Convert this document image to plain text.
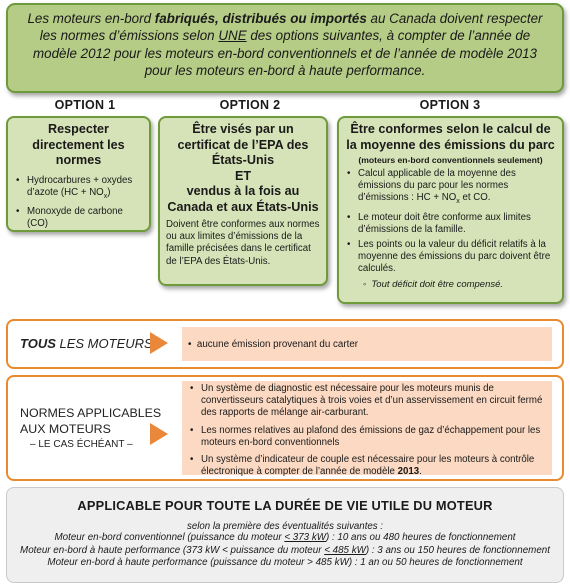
Les moteurs en-bord fabriqués, distribués ou importés au Canada doivent respecter les normes d’émissions selon UNE des options suivantes, à compter de l’année de modèle 2012 pour les moteurs en-bord conventionnels et de l’année de modèle 2013 pour les moteurs en-bord à haute performance.
OPTION 1	OPTION 2	OPTION 3
Respecter directement les normes
• Hydrocarbures + oxydes d’azote $(HC + NO_x)$
• Monoxyde de carbone (CO)
Être visés par un certificat de l’EPA des États-Unis
ET
vendus à la fois au Canada et aux États-Unis
Doivent être conformes aux normes ou aux limites d’émissions de la famille précisées dans le certificat de l’EPA des États-Unis.
Être conformes selon le calcul de la moyenne des émissions du parc
(moteurs en-bord conventionnels seulement)
• Calcul applicable de la moyenne des émissions du parc pour les normes d’émissions : HC + $NO_x$ et CO.
• Le moteur doit être conforme aux limites d’émissions de la famille.
• Les points ou la valeur du déficit relatifs à la moyenne des émissions du parc doivent être calculés.
◦ Tout déficit doit être compensé.
TOUS LES MOTEURS	•  aucune émission provenant du carter
NORMES APPLICABLES
AUX MOTEURS
– LE CAS ÉCHÉANT –
• Un système de diagnostic est nécessaire pour les moteurs munis de convertisseurs catalytiques à trois voies et d’un asservissement en circuit fermé des rapports de mélange air-carburant.
• Les normes relatives au plafond des émissions de gaz d’échappement pour les moteurs en-bord conventionnels
• Un système d’indicateur de couple est nécessaire pour les moteurs à contrôle électronique à compter de l’année de modèle 2013.
APPLICABLE POUR TOUTE LA DURÉE DE VIE UTILE DU MOTEUR
selon la première des éventualités suivantes :
Moteur en-bord conventionnel (puissance du moteur < 373 kW) : 10 ans ou 480 heures de fonctionnement
Moteur en-bord à haute performance (373 kW < puissance du moteur < 485 kW) : 3 ans ou 150 heures de fonctionnement
Moteur en-bord à haute performance (puissance du moteur > 485 kW) : 1 an ou 50 heures de fonctionnement
